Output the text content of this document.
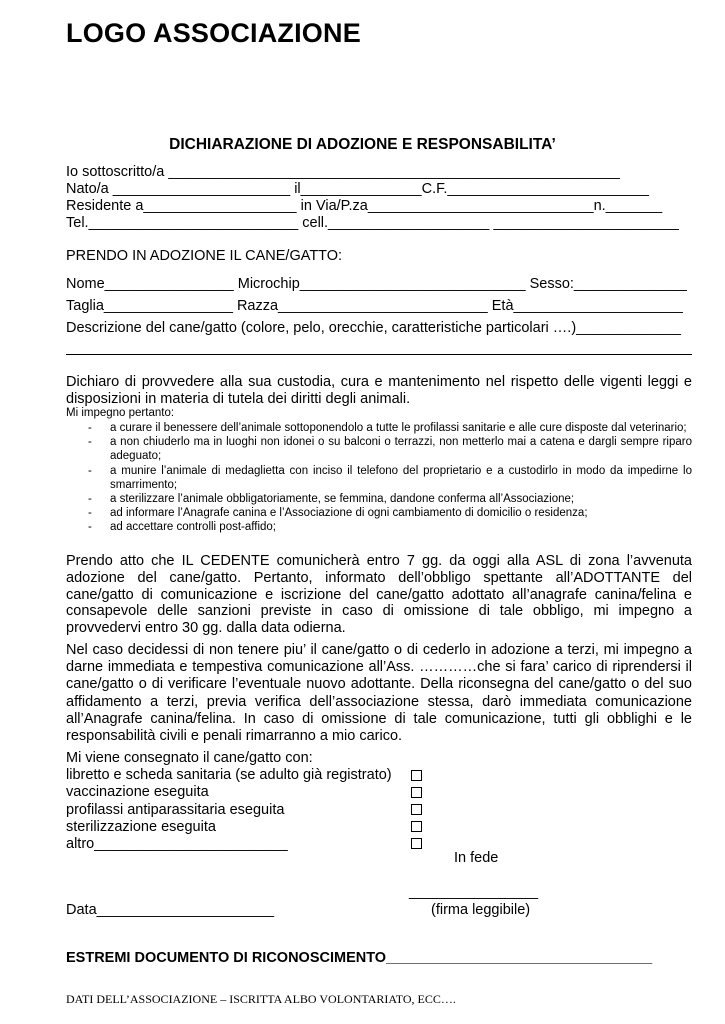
LOGO ASSOCIAZIONE
DICHIARAZIONE DI ADOZIONE E RESPONSABILITA’
Io sottoscritto/a ________________________________________________________
Nato/a ______________________ il_______________C.F._________________________
Residente a___________________ in Via/P.za____________________________n._______
Tel.__________________________ cell.____________________ _______________________
PRENDO IN ADOZIONE IL CANE/GATTO:
Nome________________ Microchip____________________________ Sesso:______________
Taglia________________ Razza__________________________ Età_____________________
Descrizione del cane/gatto (colore, pelo, orecchie, caratteristiche particolari ….)_____________
Dichiaro di provvedere alla sua custodia, cura e mantenimento nel rispetto delle vigenti leggi e disposizioni in materia di tutela dei diritti degli animali.
Mi impegno pertanto:
- a curare il benessere dell’animale sottoponendolo a tutte le profilassi sanitarie e alle cure disposte dal veterinario;
- a non chiuderlo ma in luoghi non idonei o su balconi o terrazzi, non metterlo mai a catena e dargli sempre riparo adeguato;
- a munire l’animale di medaglietta con inciso il telefono del proprietario e a custodirlo in modo da impedirne lo smarrimento;
- a sterilizzare l’animale obbligatoriamente, se femmina, dandone conferma all’Associazione;
- ad informare l’Anagrafe canina e l’Associazione di ogni cambiamento di domicilio o residenza;
- ad accettare controlli post-affido;
Prendo atto che IL CEDENTE comunicherà entro 7 gg. da oggi alla ASL di zona l’avvenuta adozione del cane/gatto. Pertanto, informato dell’obbligo spettante all’ADOTTANTE del cane/gatto di comunicazione e iscrizione del cane/gatto adottato all’anagrafe canina/felina e consapevole delle sanzioni previste in caso di omissione di tale obbligo, mi impegno a provvedervi entro 30 gg. dalla data odierna.
Nel caso decidessi di non tenere piu’ il cane/gatto o di cederlo in adozione a terzi, mi impegno a darne immediata e tempestiva comunicazione all’Ass. …………che si fara’ carico di riprendersi il cane/gatto o di verificare l’eventuale nuovo adottante. Della riconsegna del cane/gatto o del suo affidamento a terzi, previa verifica dell’associazione stessa, darò immediata comunicazione all’Anagrafe canina/felina. In caso di omissione di tale comunicazione, tutti gli obblighi e le responsabilità civili e penali rimarranno a mio carico.
Mi viene consegnato il cane/gatto con:
libretto e scheda sanitaria (se adulto già registrato)
vaccinazione eseguita
profilassi antiparassitaria eseguita
sterilizzazione eseguita
altro________________________
In fede
________________
(firma leggibile)
Data______________________
ESTREMI DOCUMENTO DI RICONOSCIMENTO_________________________________
DATI DELL’ASSOCIAZIONE – ISCRITTA ALBO VOLONTARIATO, ECC….
